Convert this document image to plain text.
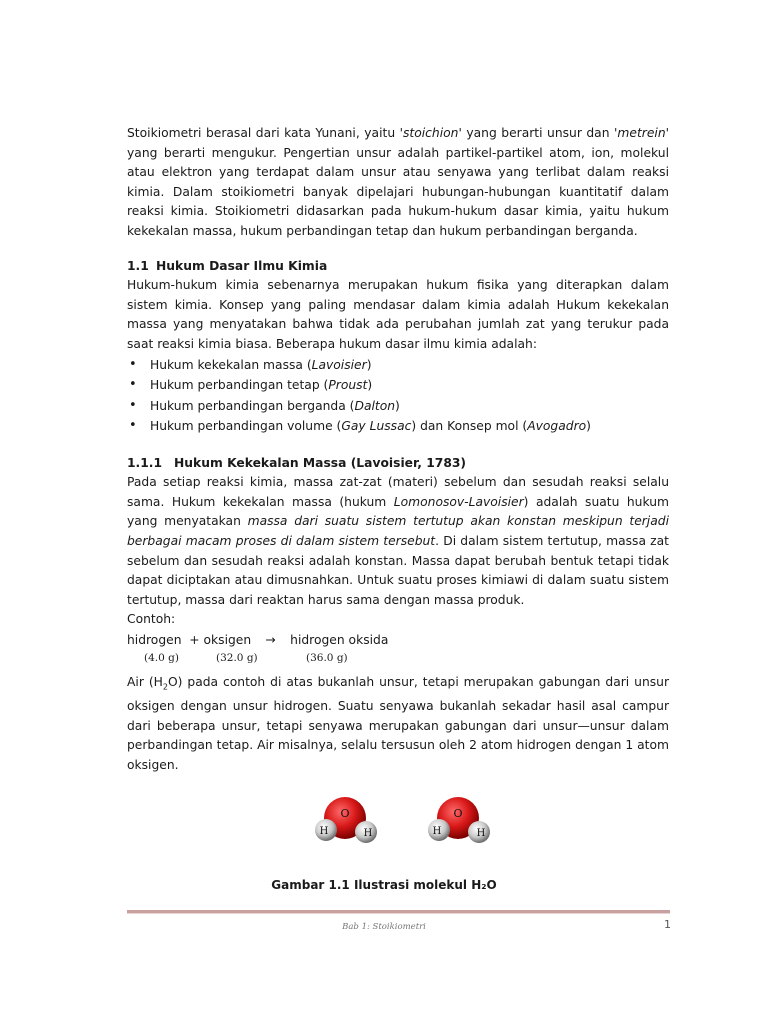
Stoikiometri berasal dari kata Yunani, yaitu 'stoichion' yang berarti unsur dan 'metrein' yang berarti mengukur. Pengertian unsur adalah partikel-partikel atom, ion, molekul atau elektron yang terdapat dalam unsur atau senyawa yang terlibat dalam reaksi kimia. Dalam stoikiometri banyak dipelajari hubungan-hubungan kuantitatif dalam reaksi kimia. Stoikiometri didasarkan pada hukum-hukum dasar kimia, yaitu hukum kekekalan massa, hukum perbandingan tetap dan hukum perbandingan berganda.

1.1 Hukum Dasar Ilmu Kimia

Hukum-hukum kimia sebenarnya merupakan hukum fisika yang diterapkan dalam sistem kimia. Konsep yang paling mendasar dalam kimia adalah Hukum kekekalan massa yang menyatakan bahwa tidak ada perubahan jumlah zat yang terukur pada saat reaksi kimia biasa. Beberapa hukum dasar ilmu kimia adalah:

• Hukum kekekalan massa (Lavoisier)
• Hukum perbandingan tetap (Proust)
• Hukum perbandingan berganda (Dalton)
• Hukum perbandingan volume (Gay Lussac) dan Konsep mol (Avogadro)
1.1.1 Hukum Kekekalan Massa (Lavoisier, 1783)

Pada setiap reaksi kimia, massa zat-zat (materi) sebelum dan sesudah reaksi selalu sama. Hukum kekekalan massa (hukum Lomonosov-Lavoisier) adalah suatu hukum yang menyatakan massa dari suatu sistem tertutup akan konstan meskipun terjadi berbagai macam proses di dalam sistem tersebut. Di dalam sistem tertutup, massa zat sebelum dan sesudah reaksi adalah konstan. Massa dapat berubah bentuk tetapi tidak dapat diciptakan atau dimusnahkan. Untuk suatu proses kimiawi di dalam suatu sistem tertutup, massa dari reaktan harus sama dengan massa produk.

Contoh:

hidrogen  + oksigen → hidrogen oksida
(4.0 g)	(32.0 g)	(36.0 g)

Air $(H_2O)$ pada contoh di atas bukanlah unsur, tetapi merupakan gabungan dari unsur oksigen dengan unsur hidrogen. Suatu senyawa bukanlah sekadar hasil asal campur dari beberapa unsur, tetapi senyawa merupakan gabungan dari unsur—unsur dalam perbandingan tetap. Air misalnya, selalu tersusun oleh 2 atom hidrogen dengan 1 atom oksigen.

O
H	H
O
H	H
Gambar 1.1 Ilustrasi molekul H₂O
Bab 1: Stoikiometri	1
